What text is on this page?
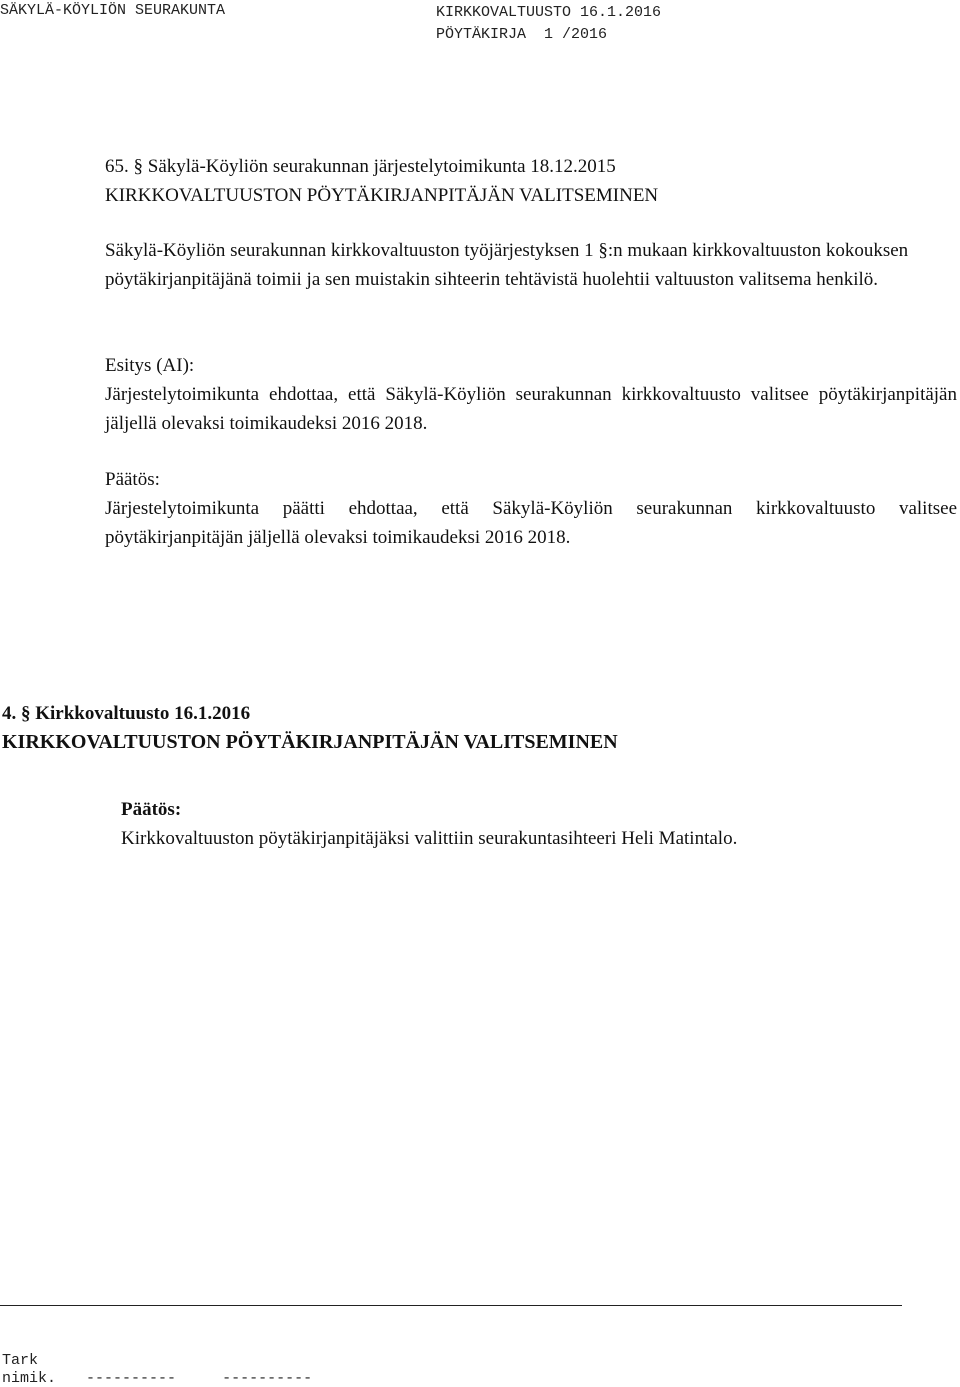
SÄKYLÄ-KÖYLIÖN SEURAKUNTA	KIRKKOVALTUUSTO 16.1.2016
PÖYTÄKIRJA  1 /2016
65. § Säkylä-Köyliön seurakunnan järjestelytoimikunta 18.12.2015
KIRKKOVALTUUSTON PÖYTÄKIRJANPITÄJÄN VALITSEMINEN
Säkylä-Köyliön seurakunnan kirkkovaltuuston työjärjestyksen 1 §:n mukaan kirkkovaltuuston kokouksen pöytäkirjanpitäjänä toimii ja sen muistakin sihteerin tehtävistä huolehtii valtuuston valitsema henkilö.
Esitys (AI):
Järjestelytoimikunta ehdottaa, että Säkylä-Köyliön seurakunnan kirkkovaltuusto valitsee pöytäkirjanpitäjän jäljellä olevaksi toimikaudeksi 2016 2018.
Päätös:
Järjestelytoimikunta päätti ehdottaa, että Säkylä-Köyliön seurakunnan kirkkovaltuusto valitsee pöytäkirjanpitäjän jäljellä olevaksi toimikaudeksi 2016 2018.
4. § Kirkkovaltuusto 16.1.2016
KIRKKOVALTUUSTON PÖYTÄKIRJANPITÄJÄN VALITSEMINEN
Päätös:
Kirkkovaltuuston pöytäkirjanpitäjäksi valittiin seurakuntasihteeri Heli Matintalo.
Tark
nimik. ----------	----------
